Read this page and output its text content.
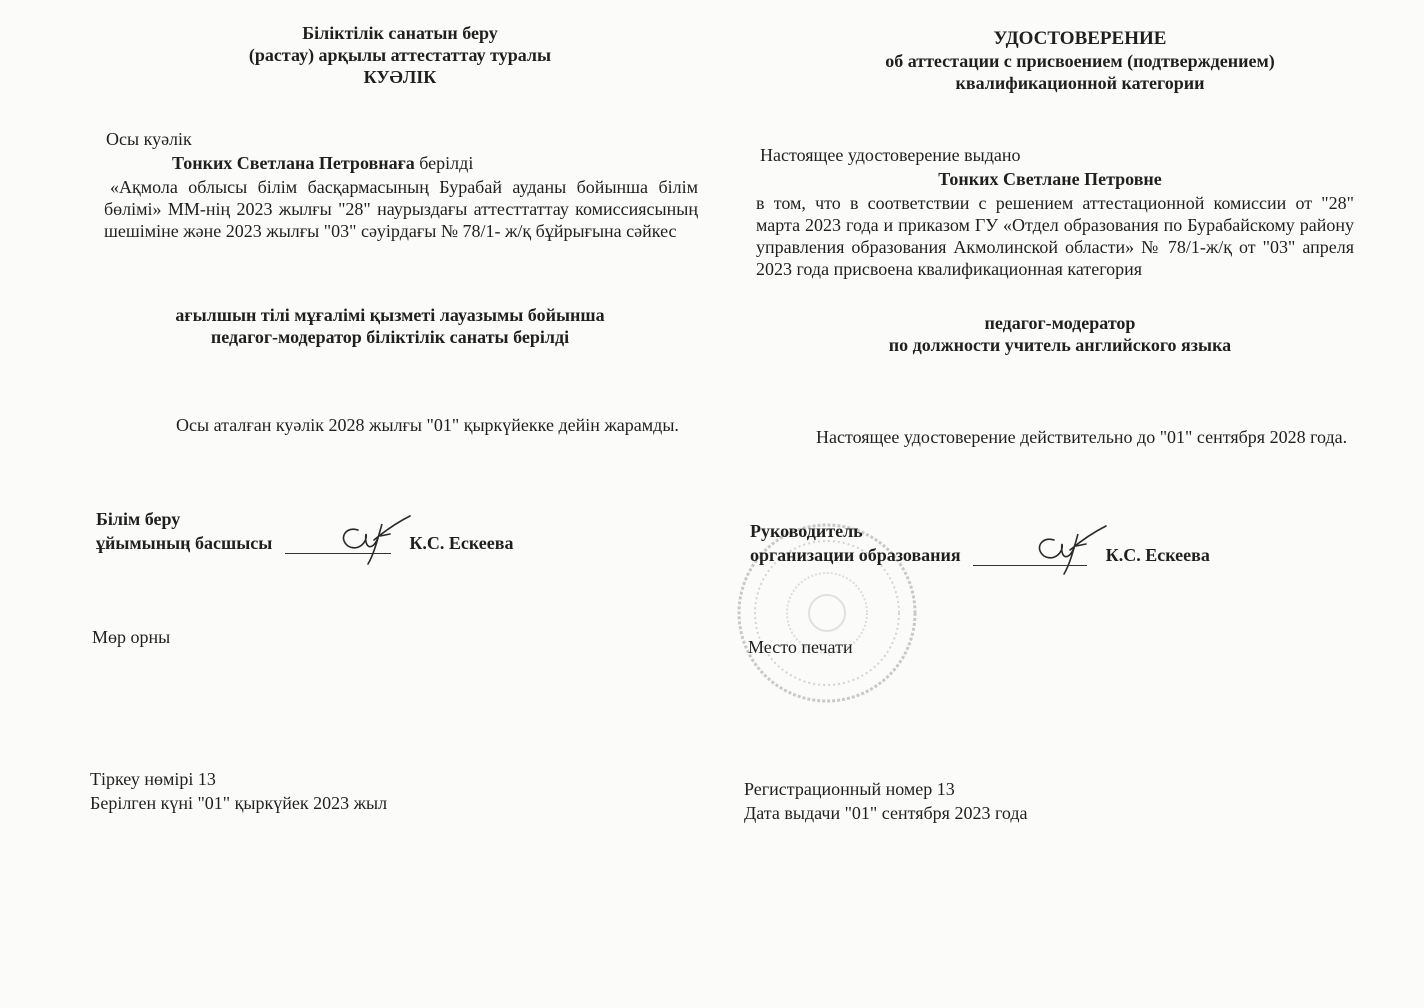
Біліктілік санатын беру
(растау) арқылы аттестаттау туралы
КУӘЛІК
Осы куәлік
Тонких Светлана Петровнаға берілді
«Ақмола облысы білім басқармасының Бурабай ауданы бойынша білім бөлімі» ММ-нің 2023 жылғы "28" наурыздағы аттесттаттау комиссиясының шешіміне және 2023 жылғы "03" сәуірдағы № 78/1- ж/қ бұйрығына сәйкес
ағылшын тілі мұғалімі қызметі лауазымы бойынша
педагог-модератор біліктілік санаты берілді
Осы аталған куәлік 2028 жылғы "01" қыркүйекке дейін жарамды.
Білім беру
ұйымының басшысы	К.С. Ескеева
Мөр орны
Тіркеу нөмірі 13
Берілген күні "01" қыркүйек 2023 жыл
УДОСТОВЕРЕНИЕ
об аттестации с присвоением (подтверждением)
квалификационной категории
Настоящее удостоверение выдано
Тонких Светлане Петровне
в том, что в соответствии с решением аттестационной комиссии от "28" марта 2023 года и приказом ГУ «Отдел образования по Бурабайскому району управления образования Акмолинской области» № 78/1-ж/қ от "03" апреля 2023 года присвоена квалификационная категория
педагог-модератор
по должности учитель английского языка
Настоящее удостоверение действительно до "01" сентября 2028 года.
Руководитель
организации образования	К.С. Ескеева
Место печати
Регистрационный номер 13
Дата выдачи "01" сентября 2023 года
